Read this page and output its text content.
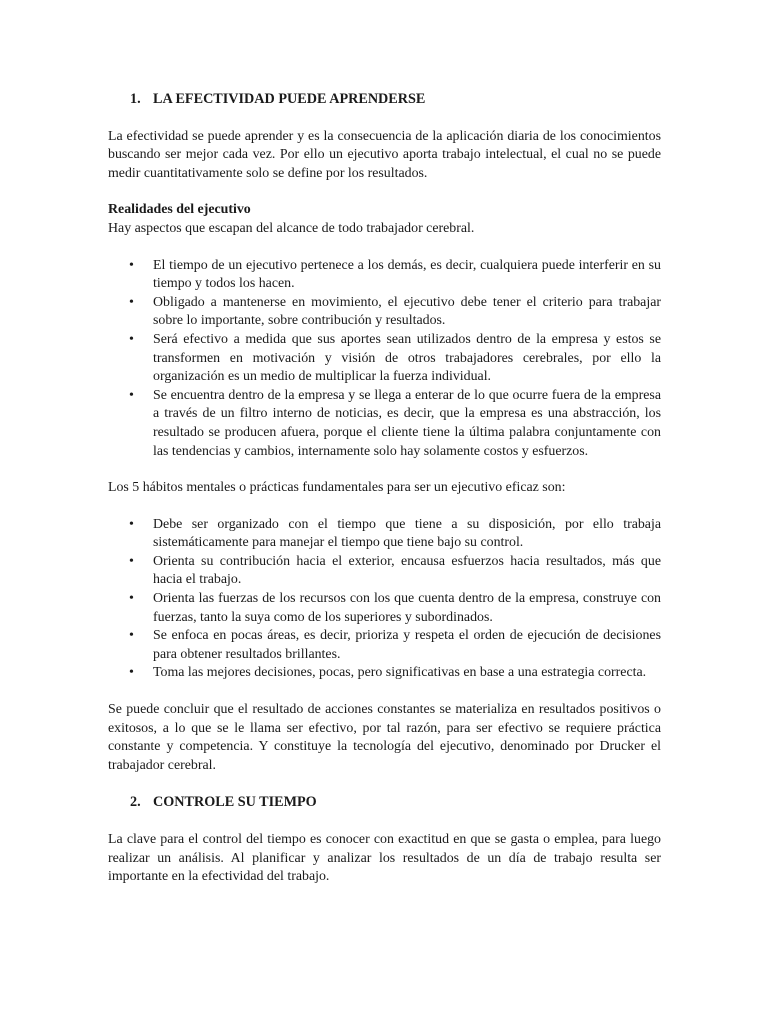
1. LA EFECTIVIDAD PUEDE APRENDERSE

La efectividad se puede aprender y es la consecuencia de la aplicación diaria de los conocimientos buscando ser mejor cada vez. Por ello un ejecutivo aporta trabajo intelectual, el cual no se puede medir cuantitativamente solo se define por los resultados.

Realidades del ejecutivo

Hay aspectos que escapan del alcance de todo trabajador cerebral.

• El tiempo de un ejecutivo pertenece a los demás, es decir, cualquiera puede interferir en su tiempo y todos los hacen.
• Obligado a mantenerse en movimiento, el ejecutivo debe tener el criterio para trabajar sobre lo importante, sobre contribución y resultados.
• Será efectivo a medida que sus aportes sean utilizados dentro de la empresa y estos se transformen en motivación y visión de otros trabajadores cerebrales, por ello la organización es un medio de multiplicar la fuerza individual.
• Se encuentra dentro de la empresa y se llega a enterar de lo que ocurre fuera de la empresa a través de un filtro interno de noticias, es decir, que la empresa es una abstracción, los resultado se producen afuera, porque el cliente tiene la última palabra conjuntamente con las tendencias y cambios, internamente solo hay solamente costos y esfuerzos.

Los 5 hábitos mentales o prácticas fundamentales para ser un ejecutivo eficaz son:

• Debe ser organizado con el tiempo que tiene a su disposición, por ello trabaja sistemáticamente para manejar el tiempo que tiene bajo su control.
• Orienta su contribución hacia el exterior, encausa esfuerzos hacia resultados, más que hacia el trabajo.
• Orienta las fuerzas de los recursos con los que cuenta dentro de la empresa, construye con fuerzas, tanto la suya como de los superiores y subordinados.
• Se enfoca en pocas áreas, es decir, prioriza y respeta el orden de ejecución de decisiones para obtener resultados brillantes.
• Toma las mejores decisiones, pocas, pero significativas en base a una estrategia correcta.

Se puede concluir que el resultado de acciones constantes se materializa en resultados positivos o exitosos, a lo que se le llama ser efectivo, por tal razón, para ser efectivo se requiere práctica constante y competencia. Y constituye la tecnología del ejecutivo, denominado por Drucker el trabajador cerebral.

2. CONTROLE SU TIEMPO

La clave para el control del tiempo es conocer con exactitud en que se gasta o emplea, para luego realizar un análisis. Al planificar y analizar los resultados de un día de trabajo resulta ser importante en la efectividad del trabajo.
